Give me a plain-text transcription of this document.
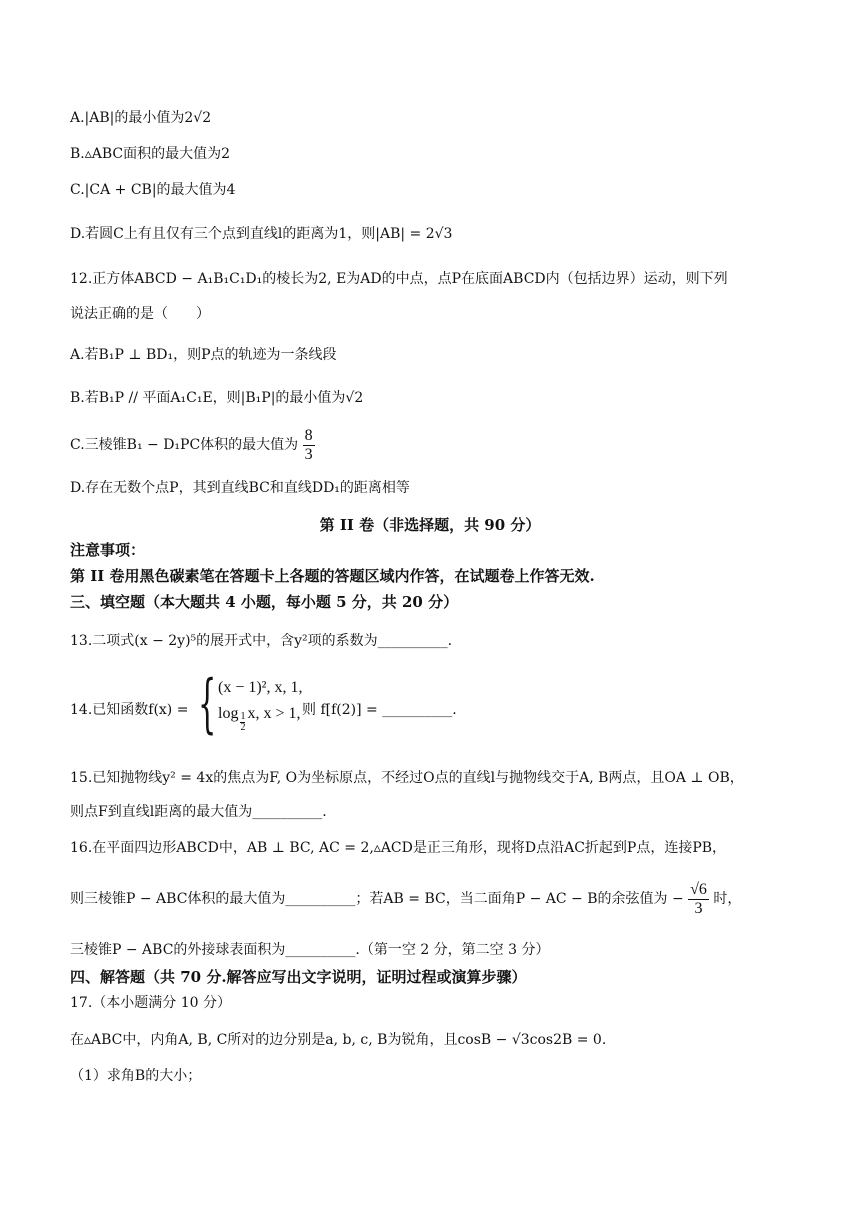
A.|AB|的最小值为2√2
B.▵ABC面积的最大值为2
C.|CA + CB|的最大值为4
D.若圆C上有且仅有三个点到直线l的距离为1，则|AB| = 2√3
12.正方体ABCD − A₁B₁C₁D₁的棱长为2, E为AD的中点，点P在底面ABCD内（包括边界）运动，则下列
说法正确的是（　　）
A.若B₁P ⊥ BD₁，则P点的轨迹为一条线段
B.若B₁P // 平面A₁C₁E，则|B₁P|的最小值为√2
C.三棱锥B₁ − D₁PC体积的最大值为 $\frac{8}{3}$
D.存在无数个点P，其到直线BC和直线DD₁的距离相等
第 II 卷（非选择题，共 90 分）
注意事项：
第 II 卷用黑色碳素笔在答题卡上各题的答题区域内作答，在试题卷上作答无效.
三、填空题（本大题共 4 小题，每小题 5 分，共 20 分）
13.二项式(x − 2y)⁵的展开式中，含y²项的系数为__________.
14.已知函数f(x) = { (x − 1)², x, 1,
$\log \frac{1}{2} x$, x > 1, 则 f[f(2)] = __________.
15.已知抛物线y² = 4x的焦点为F, O为坐标原点，不经过O点的直线l与抛物线交于A, B两点，且OA ⊥ OB，
则点F到直线l距离的最大值为__________.
16.在平面四边形ABCD中，AB ⊥ BC, AC = 2,▵ACD是正三角形，现将D点沿AC折起到P点，连接PB，
则三棱锥P − ABC体积的最大值为__________；若AB = BC，当二面角P − AC − B的余弦值为 − $\frac{√6}{3}$ 时，
三棱锥P − ABC的外接球表面积为__________.（第一空 2 分，第二空 3 分）
四、解答题（共 70 分.解答应写出文字说明，证明过程或演算步骤）
17.（本小题满分 10 分）
在▵ABC中，内角A, B, C所对的边分别是a, b, c, B为锐角，且cosB − √3cos2B = 0.
（1）求角B的大小；
